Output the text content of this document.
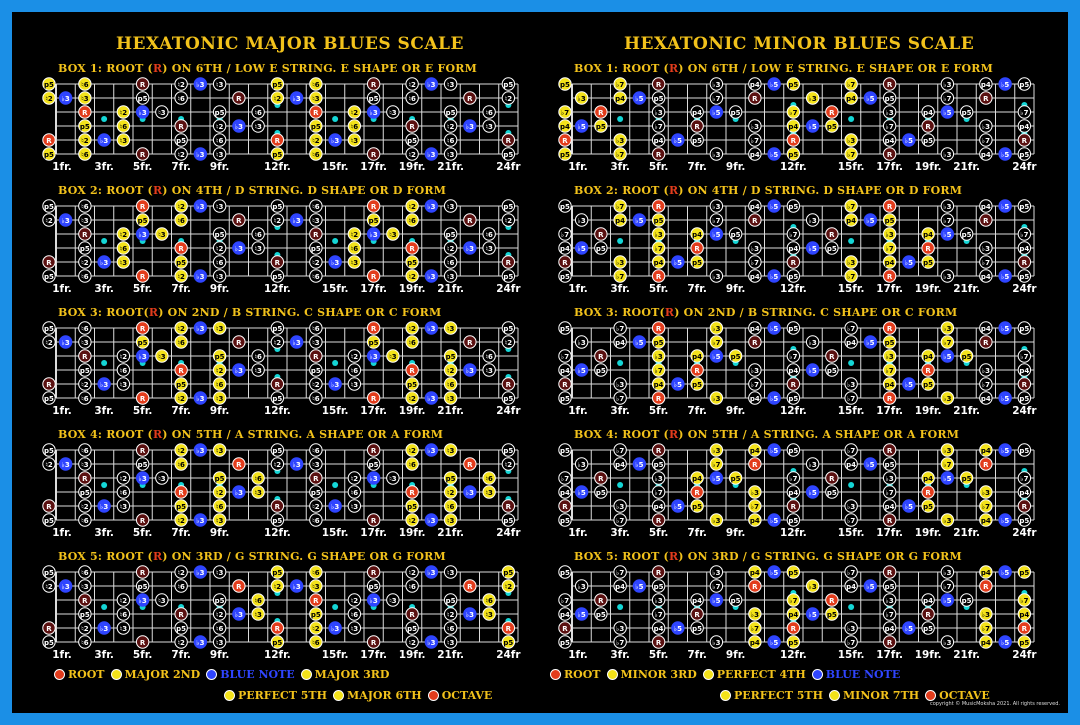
HEXATONIC MAJOR BLUES SCALE	HEXATONIC MINOR BLUES SCALE
BOX 1: ROOT (R) ON 6TH / LOW E STRING. E SHAPE OR E FORM
BOX 2: ROOT (R) ON 4TH / D STRING. D SHAPE OR D FORM
BOX 3: ROOT(R) ON 2ND / B STRING. C SHAPE OR C FORM
BOX 4: ROOT (R) ON 5TH / A STRING. A SHAPE OR A FORM
BOX 5: ROOT (R) ON 3RD / G STRING. G SHAPE OR G FORM
BOX 1: ROOT (R) ON 6TH / LOW E STRING. E SHAPE OR E FORM
BOX 2: ROOT (R) ON 4TH / D STRING. D SHAPE OR D FORM
BOX 3: ROOT(R) ON 2ND / B STRING. C SHAPE OR C FORM
BOX 4: ROOT (R) ON 5TH / A STRING. A SHAPE OR A FORM
BOX 5: ROOT (R) ON 3RD / G STRING. G SHAPE OR G FORM
p5	♮6	R	♮2 ♭3 ♮3	p5	♮6	R	♮2 ♭3 ♮3	p5
R	♮2 ♭3 ♮3	p5	♮6	R	♮2 ♭3 ♮3	p5	♮6	R
p5	♮6	R	♮2 ♭3 ♮3	p5	♮6	R	♮2 ♭3 ♮3
R	♮2 ♭3 ♮3	p5	♮6	R	♮2 ♭3 ♮3	p5	♮6
♮2 ♭3 ♮3	p5	♮6	R	♮2 ♭3 ♮3	p5	♮6	R	♮2
p5	♮6	R	♮2 ♭3 ♮3	p5	♮6	R	♮2 ♭3 ♮3	p5
1fr. 3fr. 5fr. 7fr. 9fr.	12fr.	15fr. 17fr. 19fr. 21fr.	24fr
p5	♮6	R	♮2 ♭3 ♮3	p5	♮6	R	♮2 ♭3 ♮3	p5
R	♮2 ♭3 ♮3	p5	♮6	R	♮2 ♭3 ♮3	p5	♮6	R
p5	♮6	R	♮2 ♭3 ♮3	p5	♮6	R	♮2 ♭3 ♮3
R	♮2 ♭3 ♮3	p5	♮6	R	♮2 ♭3 ♮3	p5	♮6
♮2 ♭3 ♮3	p5	♮6	R	♮2 ♭3 ♮3	p5	♮6	R	♮2
p5	♮6	R	♮2 ♭3 ♮3	p5	♮6	R	♮2 ♭3 ♮3	p5
1fr. 3fr. 5fr. 7fr. 9fr.	12fr.	15fr. 17fr. 19fr. 21fr.	24fr
p5	♮6	R	♮2 ♭3 ♮3	p5	♮6	R	♮2 ♭3 ♮3	p5
R	♮2 ♭3 ♮3	p5	♮6	R	♮2 ♭3 ♮3	p5	♮6	R
p5	♮6	R	♮2 ♭3 ♮3	p5	♮6	R	♮2 ♭3 ♮3
R	♮2 ♭3 ♮3	p5	♮6	R	♮2 ♭3 ♮3	p5	♮6
♮2 ♭3 ♮3	p5	♮6	R	♮2 ♭3 ♮3	p5	♮6	R	♮2
p5	♮6	R	♮2 ♭3 ♮3	p5	♮6	R	♮2 ♭3 ♮3	p5
1fr. 3fr. 5fr. 7fr. 9fr.	12fr.	15fr. 17fr. 19fr. 21fr.	24fr
p5	♮6	R	♮2 ♭3 ♮3	p5	♮6	R	♮2 ♭3 ♮3	p5
R	♮2 ♭3 ♮3	p5	♮6	R	♮2 ♭3 ♮3	p5	♮6	R
p5	♮6	R	♮2 ♭3 ♮3	p5	♮6	R	♮2 ♭3 ♮3
R	♮2 ♭3 ♮3	p5	♮6	R	♮2 ♭3 ♮3	p5	♮6
♮2 ♭3 ♮3	p5	♮6	R	♮2 ♭3 ♮3	p5	♮6	R	♮2
p5	♮6	R	♮2 ♭3 ♮3	p5	♮6	R	♮2 ♭3 ♮3	p5
1fr. 3fr. 5fr. 7fr. 9fr.	12fr.	15fr. 17fr. 19fr. 21fr.	24fr
p5	♮6	R	♮2 ♭3 ♮3	p5	♮6	R	♮2 ♭3 ♮3	p5
R	♮2 ♭3 ♮3	p5	♮6	R	♮2 ♭3 ♮3	p5	♮6	R
p5	♮6	R	♮2 ♭3 ♮3	p5	♮6	R	♮2 ♭3 ♮3
R	♮2 ♭3 ♮3	p5	♮6	R	♮2 ♭3 ♮3	p5	♮6
♮2 ♭3 ♮3	p5	♮6	R	♮2 ♭3 ♮3	p5	♮6	R	♮2
p5	♮6	R	♮2 ♭3 ♮3	p5	♮6	R	♮2 ♭3 ♮3	p5
1fr. 3fr. 5fr. 7fr. 9fr.	12fr.	15fr. 17fr. 19fr. 21fr.	24fr
p5	♭7	R	♭3	p4 ♭5 p5	♭7	R	♭3	p4 ♭5 p5
R	♭3	p4 ♭5 p5	♭7	R	♭3	p4 ♭5 p5	♭7	R
p4 ♭5 p5	♭7	R	♭3	p4 ♭5 p5	♭7	R	♭3	p4
♭7	R	♭3	p4 ♭5 p5	♭7	R	♭3	p4 ♭5 p5	♭7
♭3	p4 ♭5 p5	♭7	R	♭3	p4 ♭5 p5	♭7	R
p5	♭7	R	♭3	p4 ♭5 p5	♭7	R	♭3	p4 ♭5 p5
1fr. 3fr. 5fr. 7fr. 9fr.	12fr.	15fr. 17fr. 19fr. 21fr.	24fr
p5	♭7	R	♭3	p4 ♭5 p5	♭7	R	♭3	p4 ♭5 p5
R	♭3	p4 ♭5 p5	♭7	R	♭3	p4 ♭5 p5	♭7	R
p4 ♭5 p5	♭7	R	♭3	p4 ♭5 p5	♭7	R	♭3	p4
♭7	R	♭3	p4 ♭5 p5	♭7	R	♭3	p4 ♭5 p5	♭7
♭3	p4 ♭5 p5	♭7	R	♭3	p4 ♭5 p5	♭7	R
p5	♭7	R	♭3	p4 ♭5 p5	♭7	R	♭3	p4 ♭5 p5
1fr. 3fr. 5fr. 7fr. 9fr.	12fr.	15fr. 17fr. 19fr. 21fr.	24fr
p5	♭7	R	♭3	p4 ♭5 p5	♭7	R	♭3	p4 ♭5 p5
R	♭3	p4 ♭5 p5	♭7	R	♭3	p4 ♭5 p5	♭7	R
p4 ♭5 p5	♭7	R	♭3	p4 ♭5 p5	♭7	R	♭3	p4
♭7	R	♭3	p4 ♭5 p5	♭7	R	♭3	p4 ♭5 p5	♭7
♭3	p4 ♭5 p5	♭7	R	♭3	p4 ♭5 p5	♭7	R
p5	♭7	R	♭3	p4 ♭5 p5	♭7	R	♭3	p4 ♭5 p5
1fr. 3fr. 5fr. 7fr. 9fr.	12fr.	15fr. 17fr. 19fr. 21fr.	24fr
p5	♭7	R	♭3	p4 ♭5 p5	♭7	R	♭3	p4 ♭5 p5
R	♭3	p4 ♭5 p5	♭7	R	♭3	p4 ♭5 p5	♭7	R
p4 ♭5 p5	♭7	R	♭3	p4 ♭5 p5	♭7	R	♭3	p4
♭7	R	♭3	p4 ♭5 p5	♭7	R	♭3	p4 ♭5 p5	♭7
♭3	p4 ♭5 p5	♭7	R	♭3	p4 ♭5 p5	♭7	R
p5	♭7	R	♭3	p4 ♭5 p5	♭7	R	♭3	p4 ♭5 p5
1fr. 3fr. 5fr. 7fr. 9fr.	12fr.	15fr. 17fr. 19fr. 21fr.	24fr
p5	♭7	R	♭3	p4 ♭5 p5	♭7	R	♭3	p4 ♭5 p5
R	♭3	p4 ♭5 p5	♭7	R	♭3	p4 ♭5 p5	♭7	R
p4 ♭5 p5	♭7	R	♭3	p4 ♭5 p5	♭7	R	♭3	p4
♭7	R	♭3	p4 ♭5 p5	♭7	R	♭3	p4 ♭5 p5	♭7
♭3	p4 ♭5 p5	♭7	R	♭3	p4 ♭5 p5	♭7	R
p5	♭7	R	♭3	p4 ♭5 p5	♭7	R	♭3	p4 ♭5 p5
1fr. 3fr. 5fr. 7fr. 9fr.	12fr.	15fr. 17fr. 19fr. 21fr.	24fr
ROOT MAJOR 2ND BLUE NOTE MAJOR 3RD
PERFECT 5TH MAJOR 6TH OCTAVE
ROOT MINOR 3RD PERFECT 4TH BLUE NOTE
PERFECT 5TH MINOR 7TH OCTAVE
copyright © MusicMoksha 2021. All rights reserved.
